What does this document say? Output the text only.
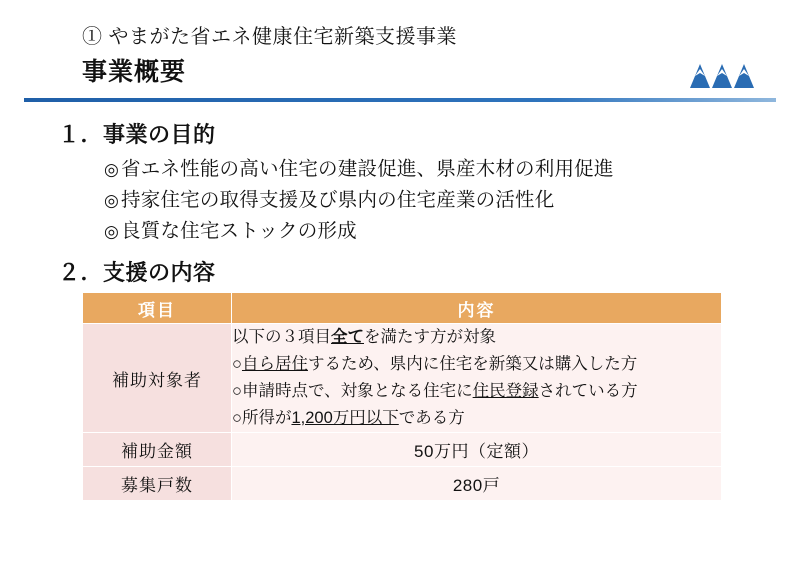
① やまがた省エネ健康住宅新築支援事業
事業概要
１．事業の目的
◎ 省エネ性能の高い住宅の建設促進、県産木材の利用促進
◎ 持家住宅の取得支援及び県内の住宅産業の活性化
◎ 良質な住宅ストックの形成
２．支援の内容
項目	内容
補助対象者	以下の３項目全てを満たす方が対象
○自ら居住するため、県内に住宅を新築又は購入した方
○申請時点で、対象となる住宅に住民登録されている方
○所得が1,200万円以下である方

補助金額	50万円（定額）
募集戸数	280戸
